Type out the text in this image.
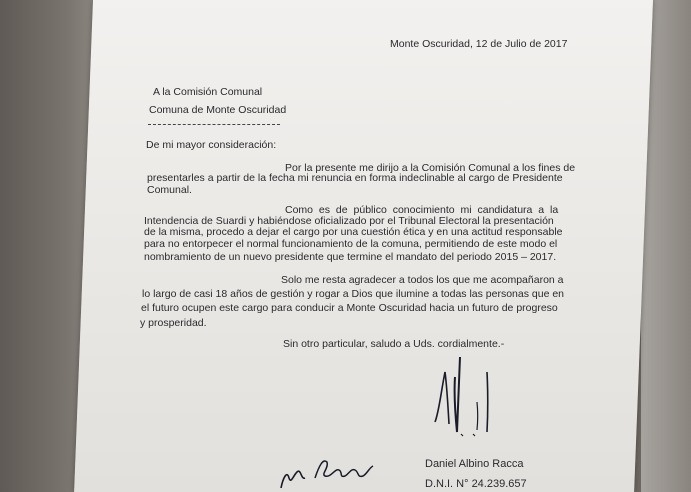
Monte Oscuridad, 12 de Julio de 2017
A la Comisión Comunal
Comuna de Monte Oscuridad
De mi mayor consideración:
Por la presente me dirijo a la Comisión Comunal a los fines de
presentarles a partir de la fecha mi renuncia en forma indeclinable al cargo de Presidente
Comunal.
Como es de público conocimiento mi candidatura a la
Intendencia de Suardi y habiéndose oficializado por el Tribunal Electoral la presentación
de la misma, procedo a dejar el cargo por una cuestión ética y en una actitud responsable
para no entorpecer el normal funcionamiento de la comuna, permitiendo de este modo el
nombramiento de un nuevo presidente que termine el mandato del periodo 2015 – 2017.
Solo me resta agradecer a todos los que me acompañaron a
lo largo de casi 18 años de gestión y rogar a Dios que ilumine a todas las personas que en
el futuro ocupen este cargo para conducir a Monte Oscuridad hacia un futuro de progreso
y prosperidad.
Sin otro particular, saludo a Uds. cordialmente.-
Daniel Albino Racca
D.N.I. N° 24.239.657
